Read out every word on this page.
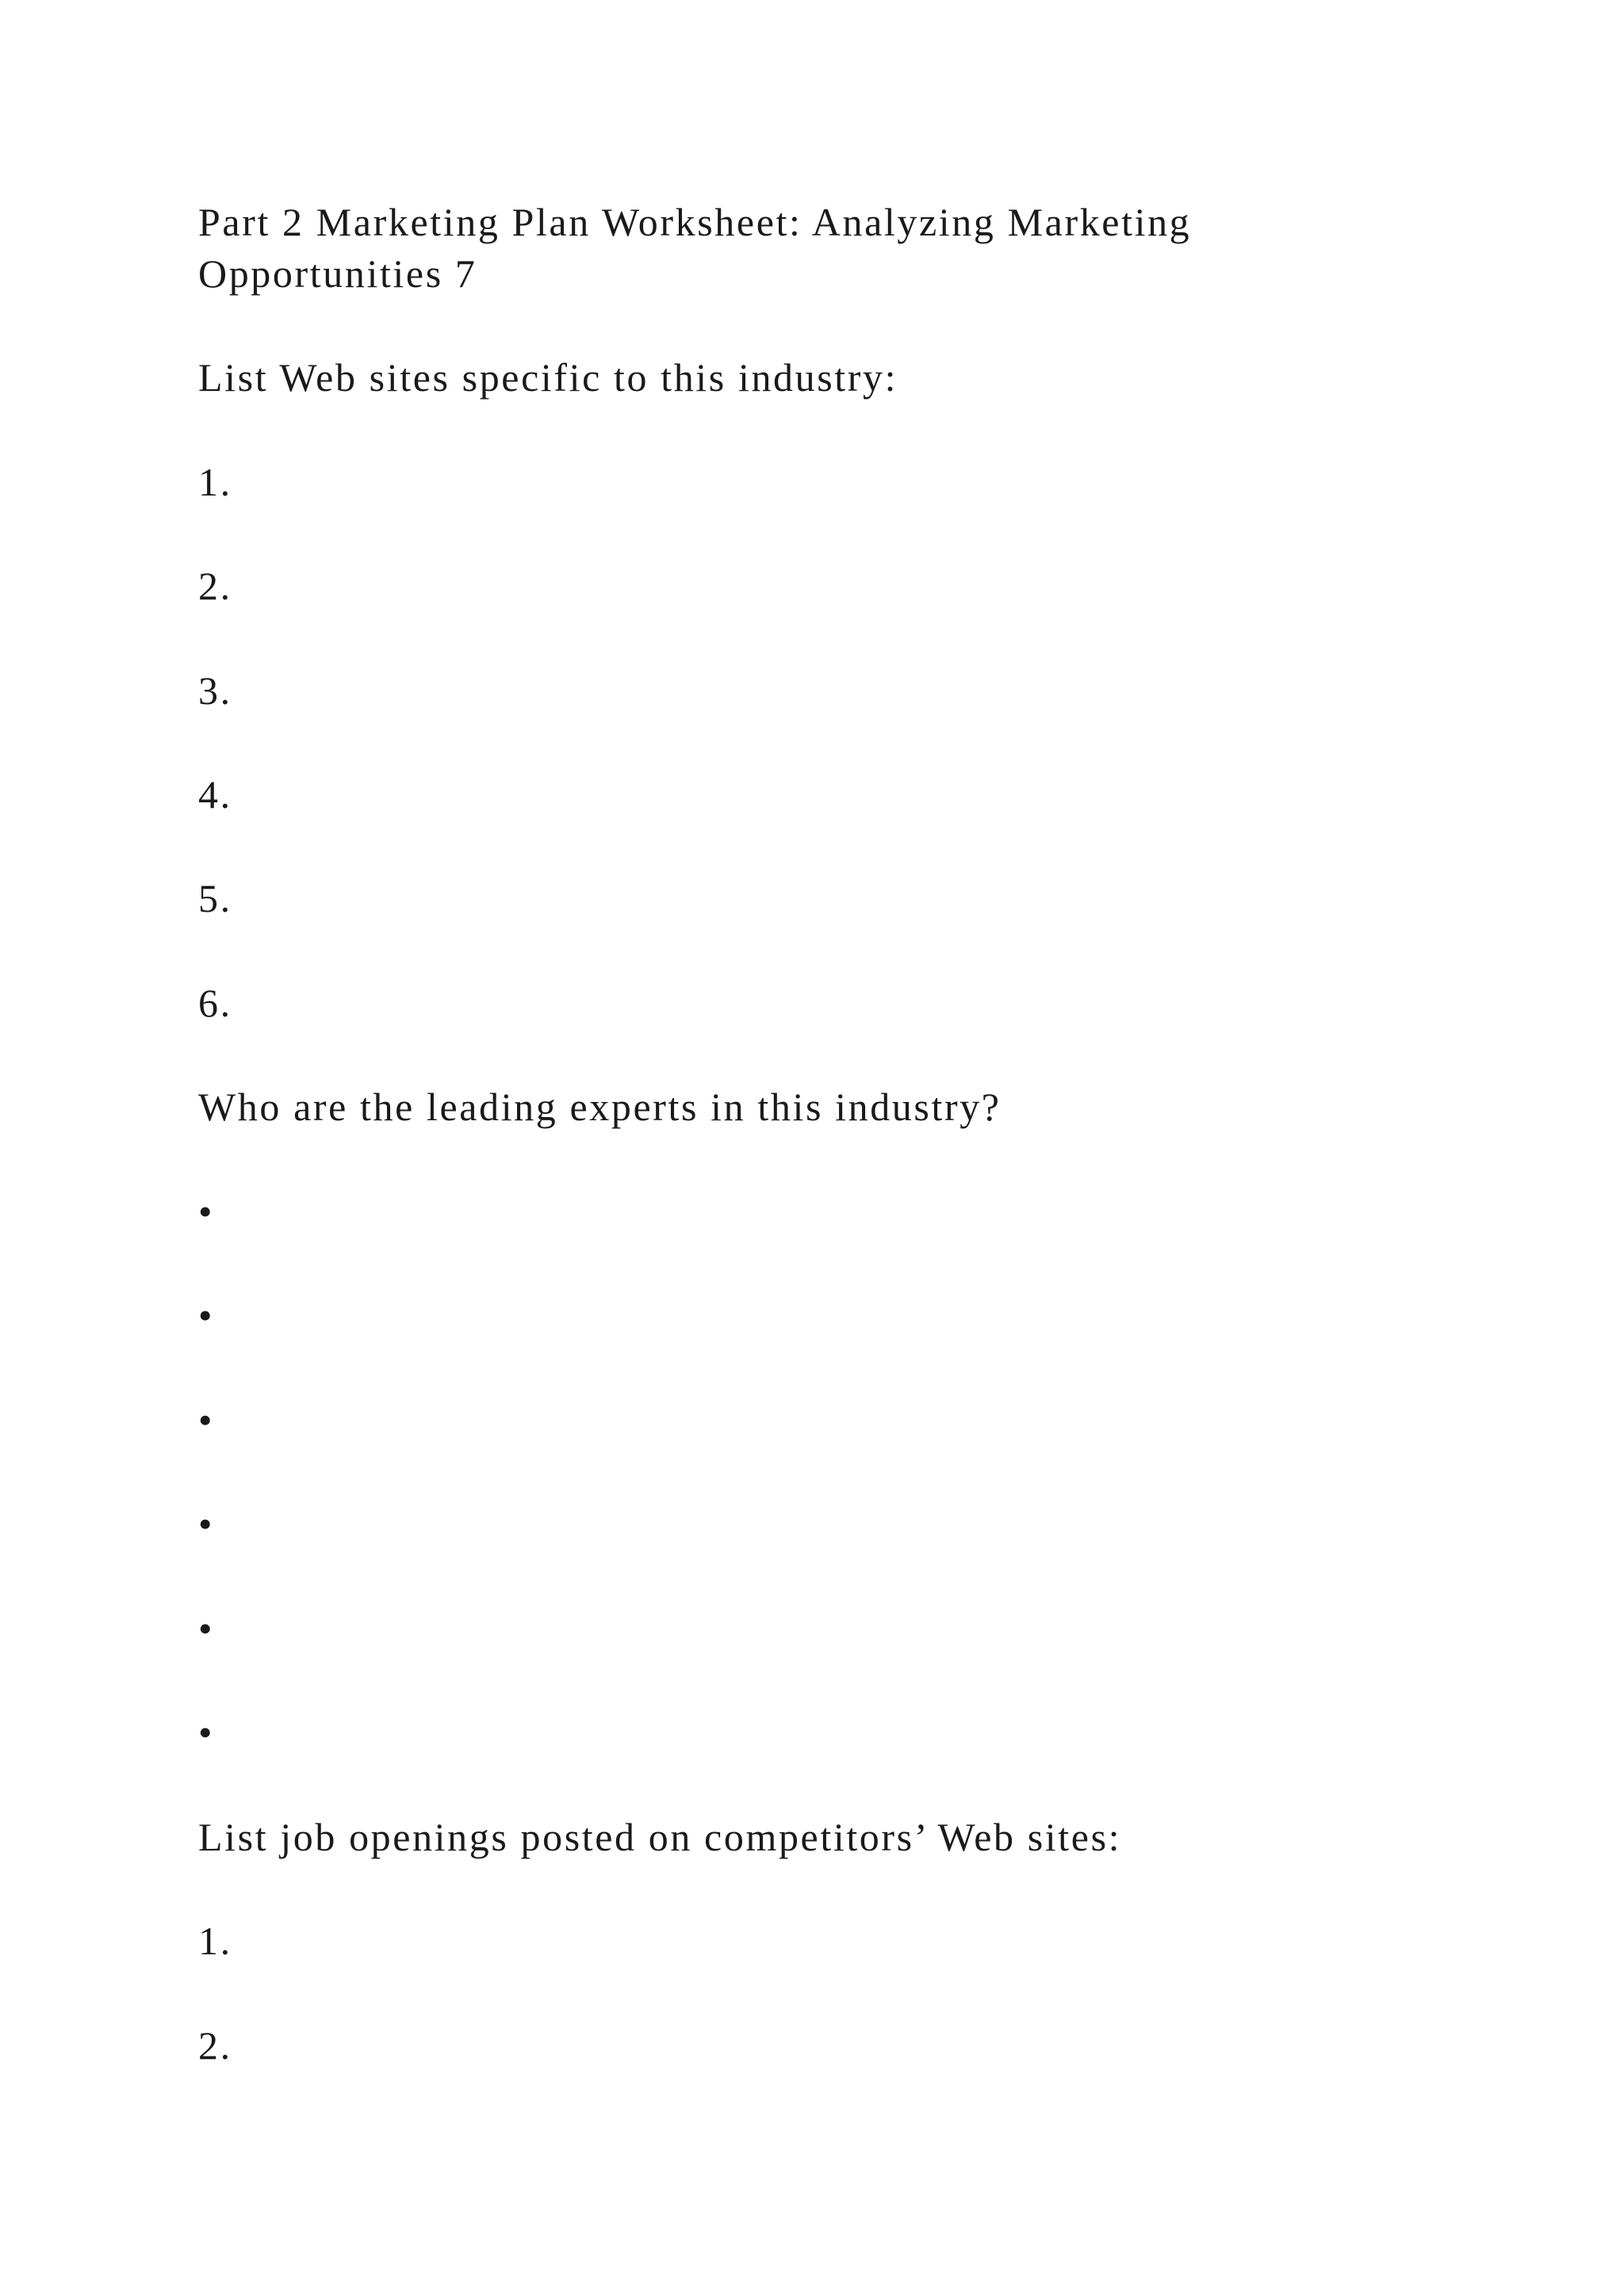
Part 2 Marketing Plan Worksheet: Analyzing Marketing

Opportunities 7

List Web sites specific to this industry:

1.

2.

3.

4.

5.

6.

Who are the leading experts in this industry?

•

•

•

•

•

•

List job openings posted on competitors’ Web sites:

1.

2.
